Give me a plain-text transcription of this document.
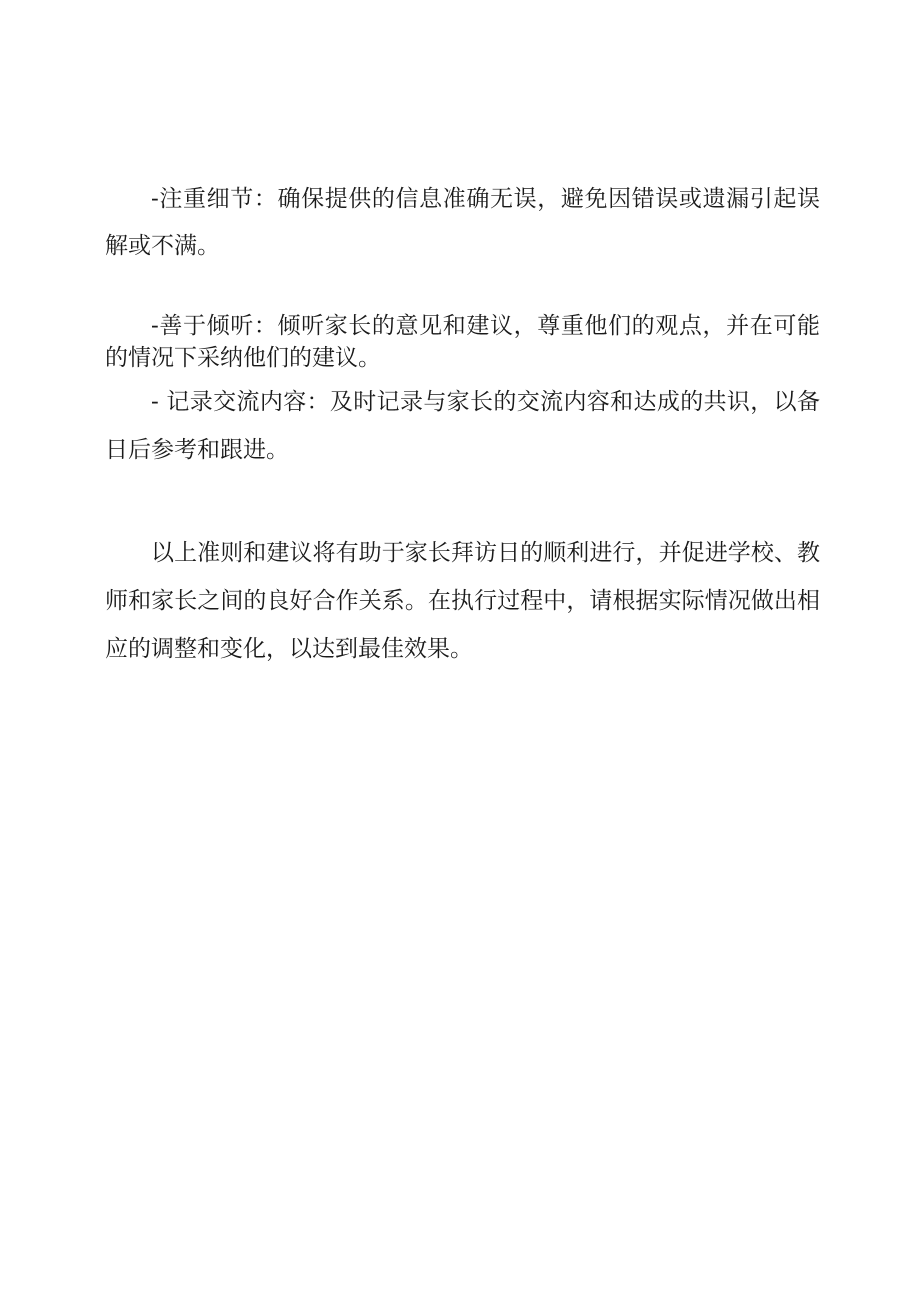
-注重细节：确保提供的信息准确无误，避免因错误或遗漏引起误解或不满。

-善于倾听：倾听家长的意见和建议，尊重他们的观点，并在可能的情况下采纳他们的建议。

- 记录交流内容：及时记录与家长的交流内容和达成的共识，以备日后参考和跟进。

以上准则和建议将有助于家长拜访日的顺利进行，并促进学校、教师和家长之间的良好合作关系。在执行过程中，请根据实际情况做出相应的调整和变化，以达到最佳效果。
